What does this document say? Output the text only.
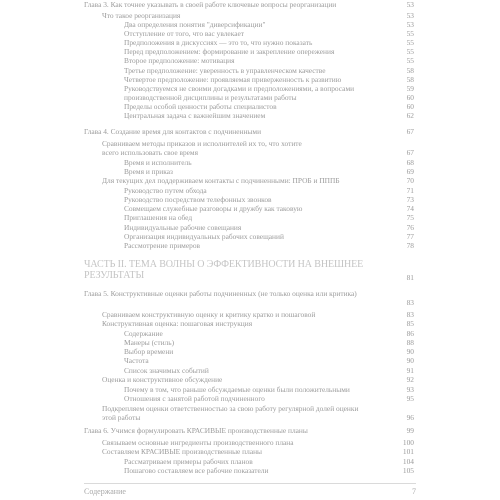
Глава 3. Как точнее указывать в своей работе ключевые вопросы реорганизации	53
Что такое реорганизация	53
Два определения понятия "диверсификации"	53
Отступление от того, что вас увлекает	55
Предположения в дискуссиях — это то, что нужно показать	55
Перед предположением: формирование и закрепление опережения	55
Второе предположение: мотивация	55
Третье предположение: уверенность в управленческом качестве	58
Четвертое предположение: проявляемая приверженность к развитию	58
Руководствуемся не своими догадками и предположениями, а вопросами	59
производственной дисциплины и результатами работы	60
Пределы особой ценности работы специалистов	60
Центральная задача с важнейшим значением	62
Глава 4. Создание время для контактов с подчиненными	67
Сравниваем методы приказов и исполнителей их то, что хотите
всего использовать свое время	67
Время и исполнитель	68
Время и приказ	69
Для текущих дел поддерживаем контакты с подчиненными: ПРОБ и ПППБ	70
Руководство путем обхода	71
Руководство посредством телефонных звонков	73
Совмещаем служебные разговоры и дружбу как таковую	74
Приглашения на обед	75
Индивидуальные рабочие совещания	76
Организация индивидуальных рабочих совещаний	77
Рассмотрение примеров	78
ЧАСТЬ II. ТЕМА ВОЛНЫ О ЭФФЕКТИВНОСТИ НА ВНЕШНЕЕ РЕЗУЛЬТАТЫ	81
Глава 5. Конструктивные оценки работы подчиненных (не только оценка или критика)
83
Сравниваем конструктивную оценку и критику кратко и пошаговой	83
Конструктивная оценка: пошаговая инструкция	85
Содержание	86
Манеры (стиль)	88
Выбор времени	90
Частота	90
Список значимых событий	91
Оценка и конструктивное обсуждение	92
Почему в том, что раньше обсуждаемые оценки были положительными	93
Отношения с занятой работой подчиненного	95
Подкрепляем оценки ответственностью за свою работу регулярной долей оценки
этой работы	96
Глава 6. Учимся формулировать КРАСИВЫЕ производственные планы	99
Связываем основные ингредиенты производственного плана	100
Составляем КРАСИВЫЕ производственные планы	101
Рассматриваем примеры рабочих планов	104
Пошагово составляем все рабочие показатели	105
Содержание	7
